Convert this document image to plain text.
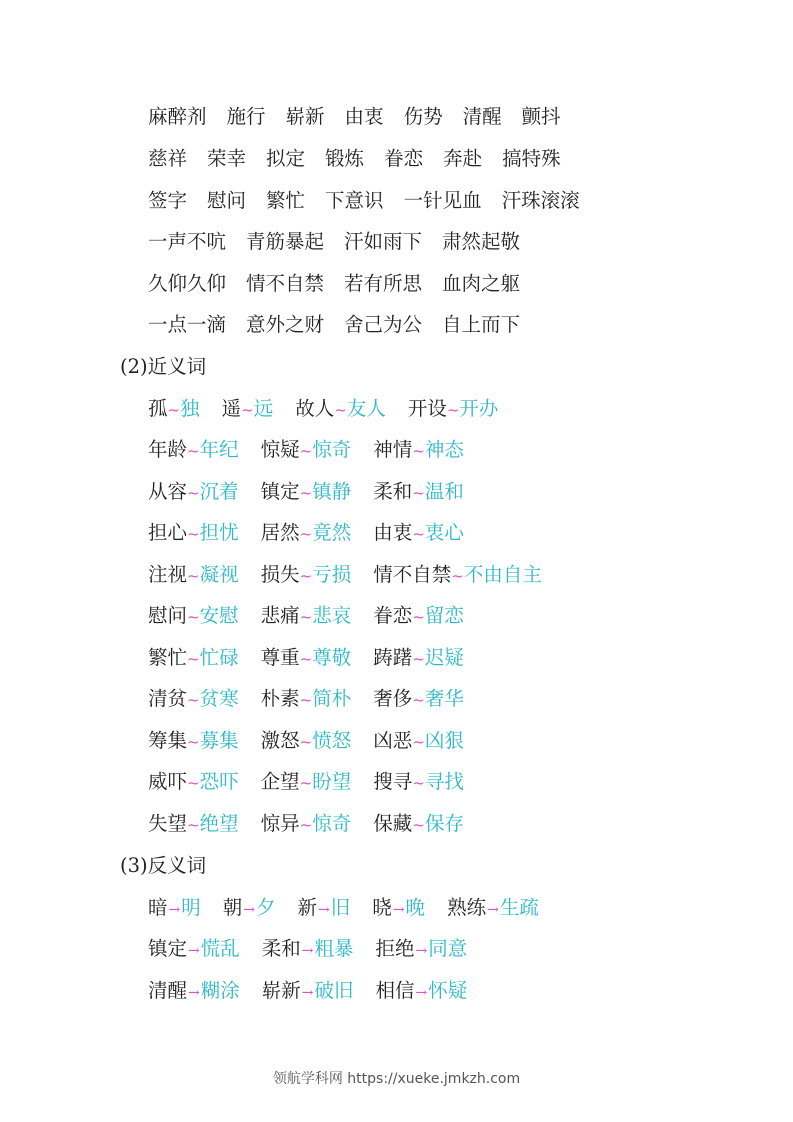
麻醉剂 施行 崭新 由衷 伤势 清醒 颤抖
慈祥 荣幸 拟定 锻炼 眷恋 奔赴 搞特殊
签字 慰问 繁忙 下意识 一针见血 汗珠滚滚
一声不吭 青筋暴起 汗如雨下 肃然起敬
久仰久仰 情不自禁 若有所思 血肉之躯
一点一滴 意外之财 舍己为公 自上而下
(2)近义词
孤~独 遥~远 故人~友人 开设~开办
年龄~年纪 惊疑~惊奇 神情~神态
从容~沉着 镇定~镇静 柔和~温和
担心~担忧 居然~竟然 由衷~衷心
注视~凝视 损失~亏损 情不自禁~不由自主
慰问~安慰 悲痛~悲哀 眷恋~留恋
繁忙~忙碌 尊重~尊敬 踌躇~迟疑
清贫~贫寒 朴素~简朴 奢侈~奢华
筹集~募集 激怒~愤怒 凶恶~凶狠
威吓~恐吓 企望~盼望 搜寻~寻找
失望~绝望 惊异~惊奇 保藏~保存
(3)反义词
暗→明 朝→夕 新→旧 晓→晚 熟练→生疏
镇定→慌乱 柔和→粗暴 拒绝→同意
清醒→糊涂 崭新→破旧 相信→怀疑
领航学科网 https://xueke.jmkzh.com
